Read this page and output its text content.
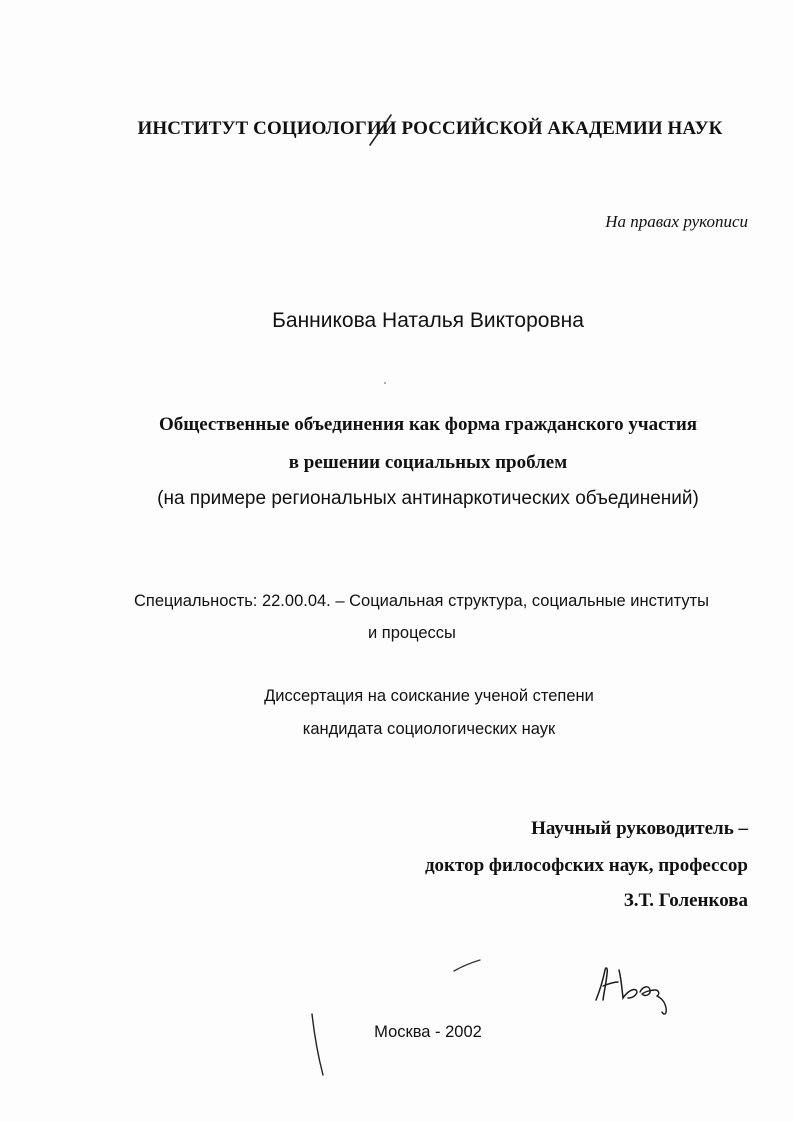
ИНСТИТУТ СОЦИОЛОГИИ РОССИЙСКОЙ АКАДЕМИИ НАУК
На правах рукописи
Банникова Наталья Викторовна
Общественные объединения как форма гражданского участия
в решении социальных проблем
(на примере региональных антинаркотических объединений)
Специальность: 22.00.04. – Социальная структура, социальные институты
и процессы
Диссертация на соискание ученой степени
кандидата социологических наук
Научный руководитель –
доктор философских наук, профессор
З.Т. Голенкова
Москва - 2002
